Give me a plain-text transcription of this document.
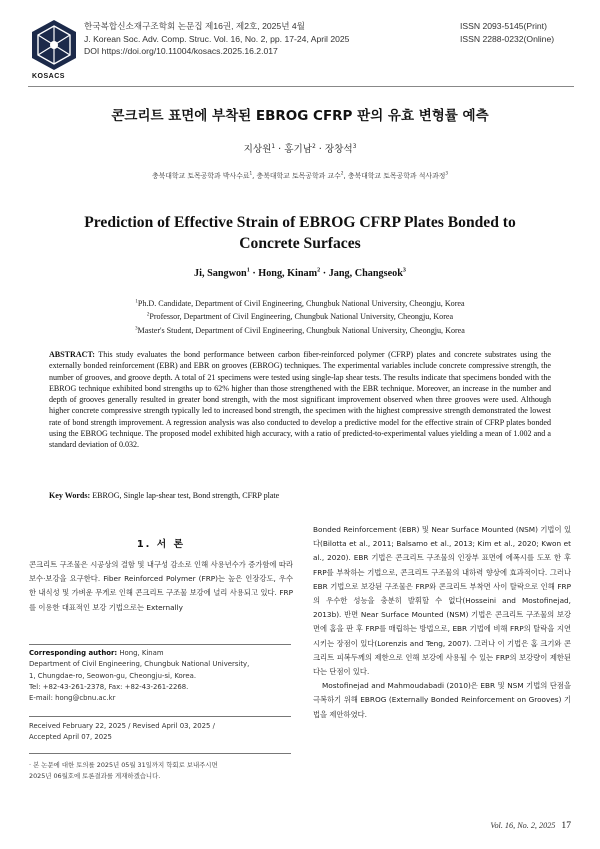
KOSACS
한국복합신소재구조학회 논문집 제16권, 제2호, 2025년 4월
J. Korean Soc. Adv. Comp. Struc. Vol. 16, No. 2, pp. 17-24, April 2025
DOI https://doi.org/10.11004/kosacs.2025.16.2.017
ISSN 2093-5145(Print)
ISSN 2288-0232(Online)
콘크리트 표면에 부착된 EBROG CFRP 판의 유효 변형률 예측
지상원$^1$ · 홍기남$^2$ · 장창석$^3$
충북대학교 토목공학과 박사수료$^1$, 충북대학교 토목공학과 교수$^2$, 충북대학교 토목공학과 석사과정$^3$
Prediction of Effective Strain of EBROG CFRP Plates Bonded to
Concrete Surfaces
Ji, Sangwon$^1$ · Hong, Kinam$^2$ · Jang, Changseok$^3$
$^1$Ph.D. Candidate, Department of Civil Engineering, Chungbuk National University, Cheongju, Korea
$^2$Professor, Department of Civil Engineering, Chungbuk National University, Cheongju, Korea
$^3$Master's Student, Department of Civil Engineering, Chungbuk National University, Cheongju, Korea
ABSTRACT: This study evaluates the bond performance between carbon fiber-reinforced polymer (CFRP) plates and concrete substrates using the externally bonded reinforcement (EBR) and EBR on grooves (EBROG) techniques. The experimental variables include concrete compressive strength, the number of grooves, and groove depth. A total of 21 specimens were tested using single-lap shear tests. The results indicate that specimens bonded with the EBROG technique exhibited bond strengths up to 62% higher than those strengthened with the EBR technique. Moreover, an increase in the number and depth of grooves generally resulted in greater bond strength, with the most significant improvement observed when three grooves were used. Although higher concrete compressive strength typically led to increased bond strength, the specimen with the highest compressive strength demonstrated the lowest rate of bond strength improvement. A regression analysis was also conducted to develop a predictive model for the effective strain of CFRP plates bonded using the EBROG technique. The proposed model exhibited high accuracy, with a ratio of predicted-to-experimental values yielding a mean of 1.002 and a standard deviation of 0.032.
Key Words: EBROG, Single lap-shear test, Bond strength, CFRP plate
1. 서 론

콘크리트 구조물은 시공상의 결함 및 내구성 감소로 인해 사용년수가 증가함에 따라 보수·보강을 요구한다. Fiber Reinforced Polymer (FRP)는 높은 인장강도, 우수한 내식성 및 가벼운 무게로 인해 콘크리트 구조물 보강에 널리 사용되고 있다. FRP를 이용한 대표적인 보강 기법으로는 Externally

Bonded Reinforcement (EBR) 및 Near Surface Mounted (NSM) 기법이 있다(Bilotta et al., 2011; Balsamo et al., 2013; Kim et al., 2020; Kwon et al., 2020). EBR 기법은 콘크리트 구조물의 인장부 표면에 에폭시를 도포 한 후 FRP를 부착하는 기법으로, 콘크리트 구조물의 내하력 향상에 효과적이다. 그러나 EBR 기법으로 보강된 구조물은 FRP와 콘크리트 부착면 사이 탈락으로 인해 FRP의 우수한 성능을 충분히 발휘할 수 없다(Hosseini and Mostofinejad, 2013b). 반면 Near Surface Mounted (NSM) 기법은 콘크리트 구조물의 보강면에 홈을 판 후 FRP를 매립하는 방법으로, EBR 기법에 비해 FRP의 탈락을 지연시키는 장점이 있다(Lorenzis and Teng, 2007). 그러나 이 기법은 홈 크기와 콘크리트 피복두께의 제한으로 인해 보강에 사용될 수 있는 FRP의 보강량이 제한된다는 단점이 있다.

Mostofinejad and Mahmoudabadi (2010)은 EBR 및 NSM 기법의 단점을 극복하기 위해 EBROG (Externally Bonded Reinforcement on Grooves) 기법을 제안하였다.

Corresponding author: Hong, Kinam
Department of Civil Engineering, Chungbuk National University,
1, Chungdae-ro, Seowon-gu, Cheongju-si, Korea.
Tel: +82-43-261-2378, Fax: +82-43-261-2268.
E-mail: hong@cbnu.ac.kr
Received February 22, 2025 / Revised April 03, 2025 /
Accepted April 07, 2025
· 본 논문에 대한 토의를 2025년 05월 31일까지 학회로 보내주시면
2025년 06월호에 토론결과를 게재하겠습니다.
Vol. 16, No. 2, 2025 17
